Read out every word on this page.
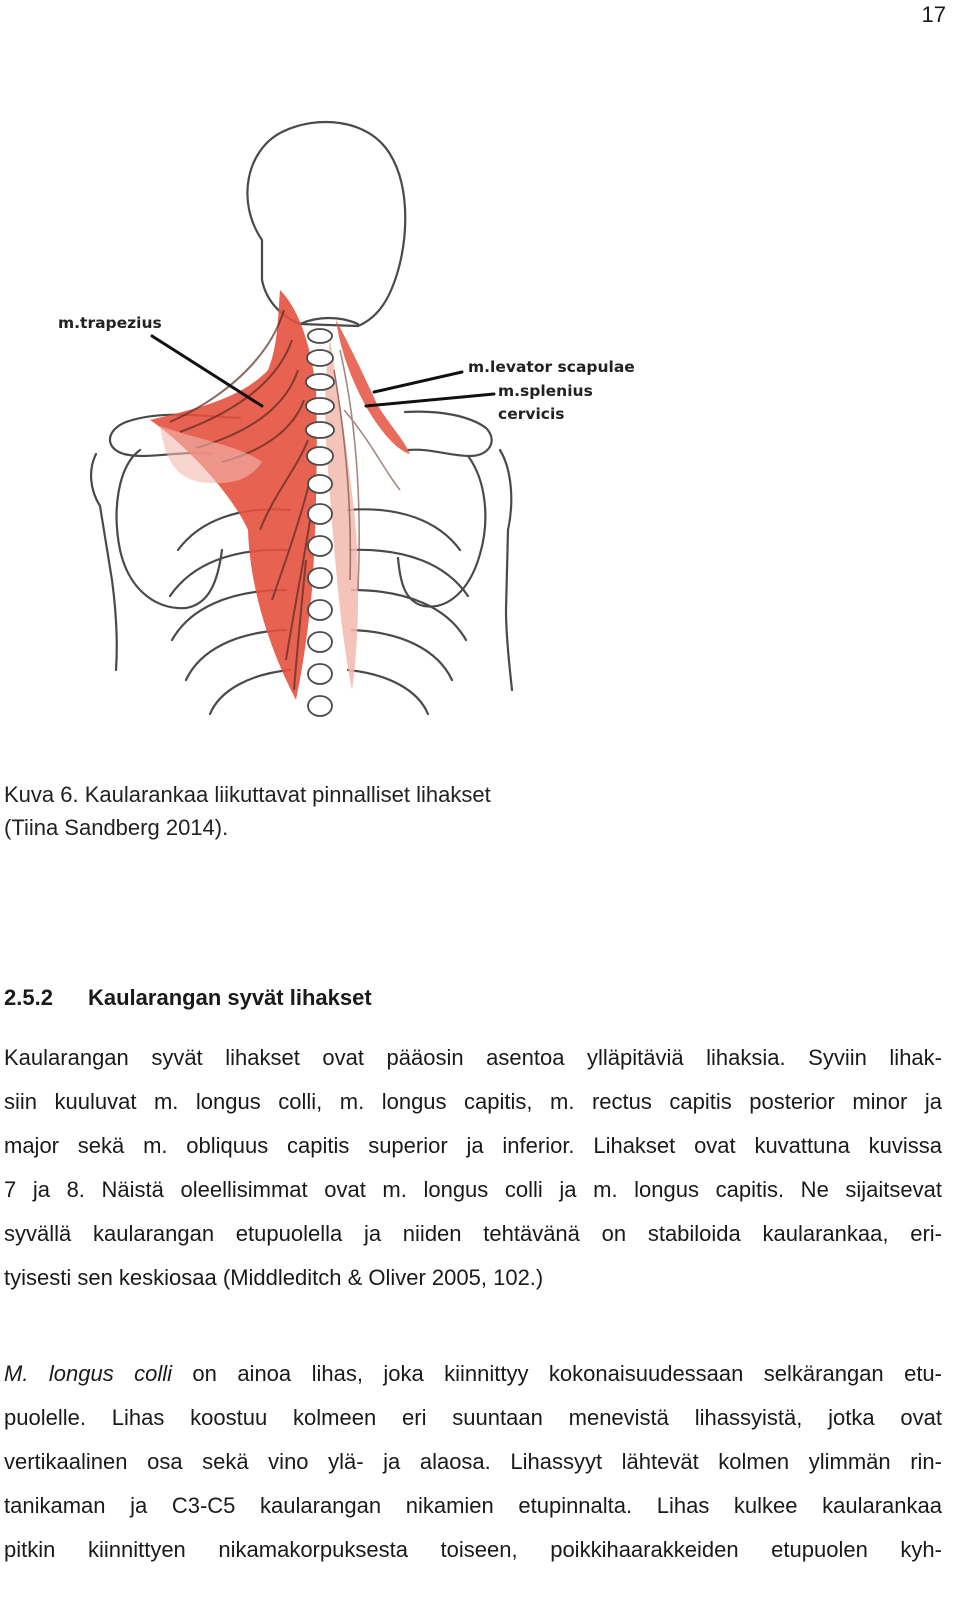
17
m.trapezius
m.levator scapulae
m.splenius
cervicis
Kuva 6. Kaularankaa liikuttavat pinnalliset lihakset
(Tiina Sandberg 2014).
2.5.2 Kaularangan syvät lihakset
Kaularangan syvät lihakset ovat pääosin asentoa ylläpitäviä lihaksia. Syviin lihak-
siin kuuluvat m. longus colli, m. longus capitis, m. rectus capitis posterior minor ja
major sekä m. obliquus capitis superior ja inferior. Lihakset ovat kuvattuna kuvissa
7 ja 8. Näistä oleellisimmat ovat m. longus colli ja m. longus capitis. Ne sijaitsevat
syvällä kaularangan etupuolella ja niiden tehtävänä on stabiloida kaularankaa, eri-
tyisesti sen keskiosaa (Middleditch & Oliver 2005, 102.)
M. longus colli on ainoa lihas, joka kiinnittyy kokonaisuudessaan selkärangan etu-
puolelle. Lihas koostuu kolmeen eri suuntaan menevistä lihassyistä, jotka ovat
vertikaalinen osa sekä vino ylä- ja alaosa. Lihassyyt lähtevät kolmen ylimmän rin-
tanikaman ja C3-C5 kaularangan nikamien etupinnalta. Lihas kulkee kaularankaa
pitkin kiinnittyen nikamakorpuksesta toiseen, poikkihaarakkeiden etupuolen kyh-
